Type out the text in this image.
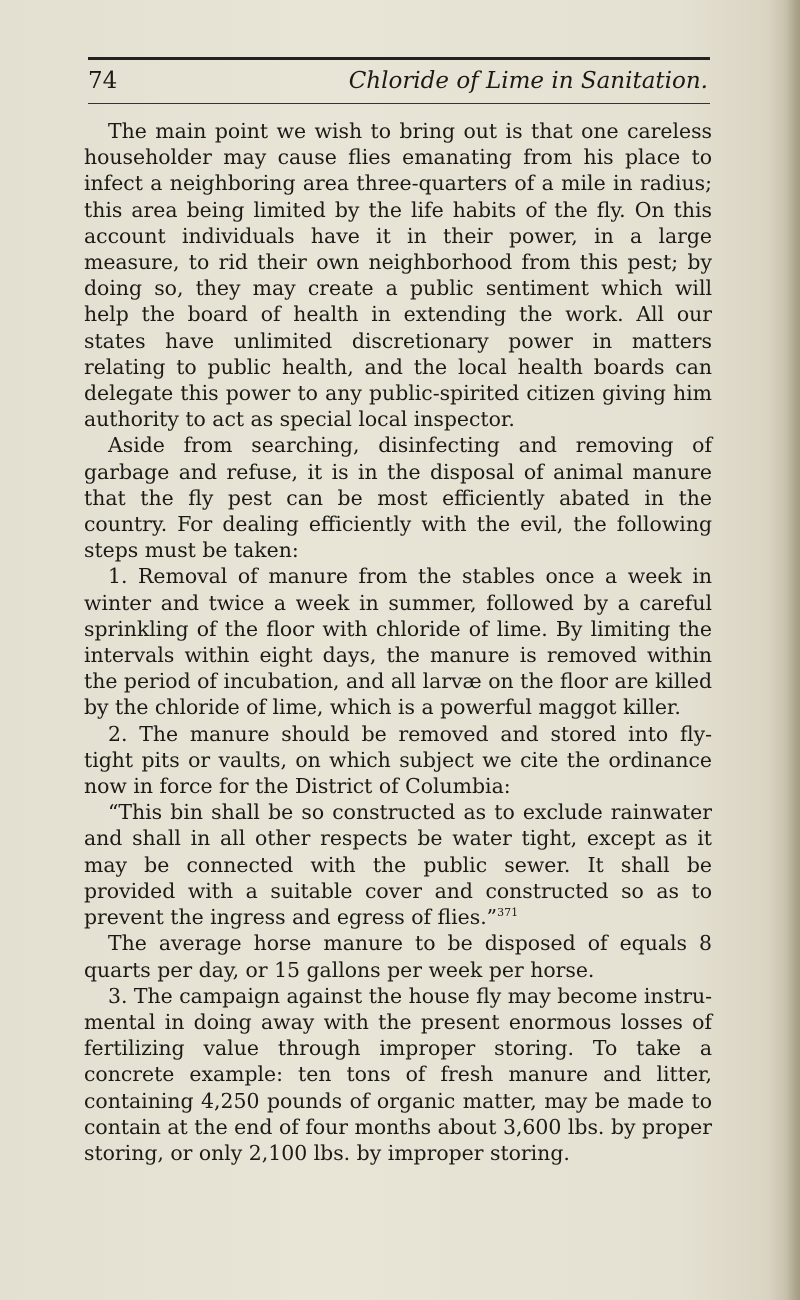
74	Chloride of Lime in Sanitation.

The main point we wish to bring out is that one careless householder may cause flies emanating from his place to infect a neighboring area three-quarters of a mile in radius; this area being limited by the life habits of the fly. On this account individuals have it in their power, in a large measure, to rid their own neighborhood from this pest; by doing so, they may create a public sentiment which will help the board of health in extending the work. All our states have unlimited discretionary power in matters relating to public health, and the local health boards can delegate this power to any public-spirited citizen giving him authority to act as special local inspector.

Aside from searching, disinfecting and removing of garbage and refuse, it is in the disposal of animal manure that the fly pest can be most efficiently abated in the country. For dealing efficiently with the evil, the following steps must be taken:

1. Removal of manure from the stables once a week in winter and twice a week in summer, followed by a careful sprinkling of the floor with chloride of lime. By limiting the intervals within eight days, the manure is removed within the period of incubation, and all larvæ on the floor are killed by the chloride of lime, which is a powerful maggot killer.

2. The manure should be removed and stored into fly-tight pits or vaults, on which subject we cite the ordinance now in force for the District of Columbia:

“This bin shall be so constructed as to exclude rainwater and shall in all other respects be water tight, except as it may be connected with the public sewer. It shall be provided with a suitable cover and constructed so as to prevent the ingress and egress of flies.”$^{371}$

The average horse manure to be disposed of equals 8 quarts per day, or 15 gallons per week per horse.

3. The campaign against the house fly may become instrumental in doing away with the present enormous losses of fertilizing value through improper storing. To take a concrete example: ten tons of fresh manure and litter, containing 4,250 pounds of organic matter, may be made to contain at the end of four months about 3,600 lbs. by proper storing, or only 2,100 lbs. by improper storing.
